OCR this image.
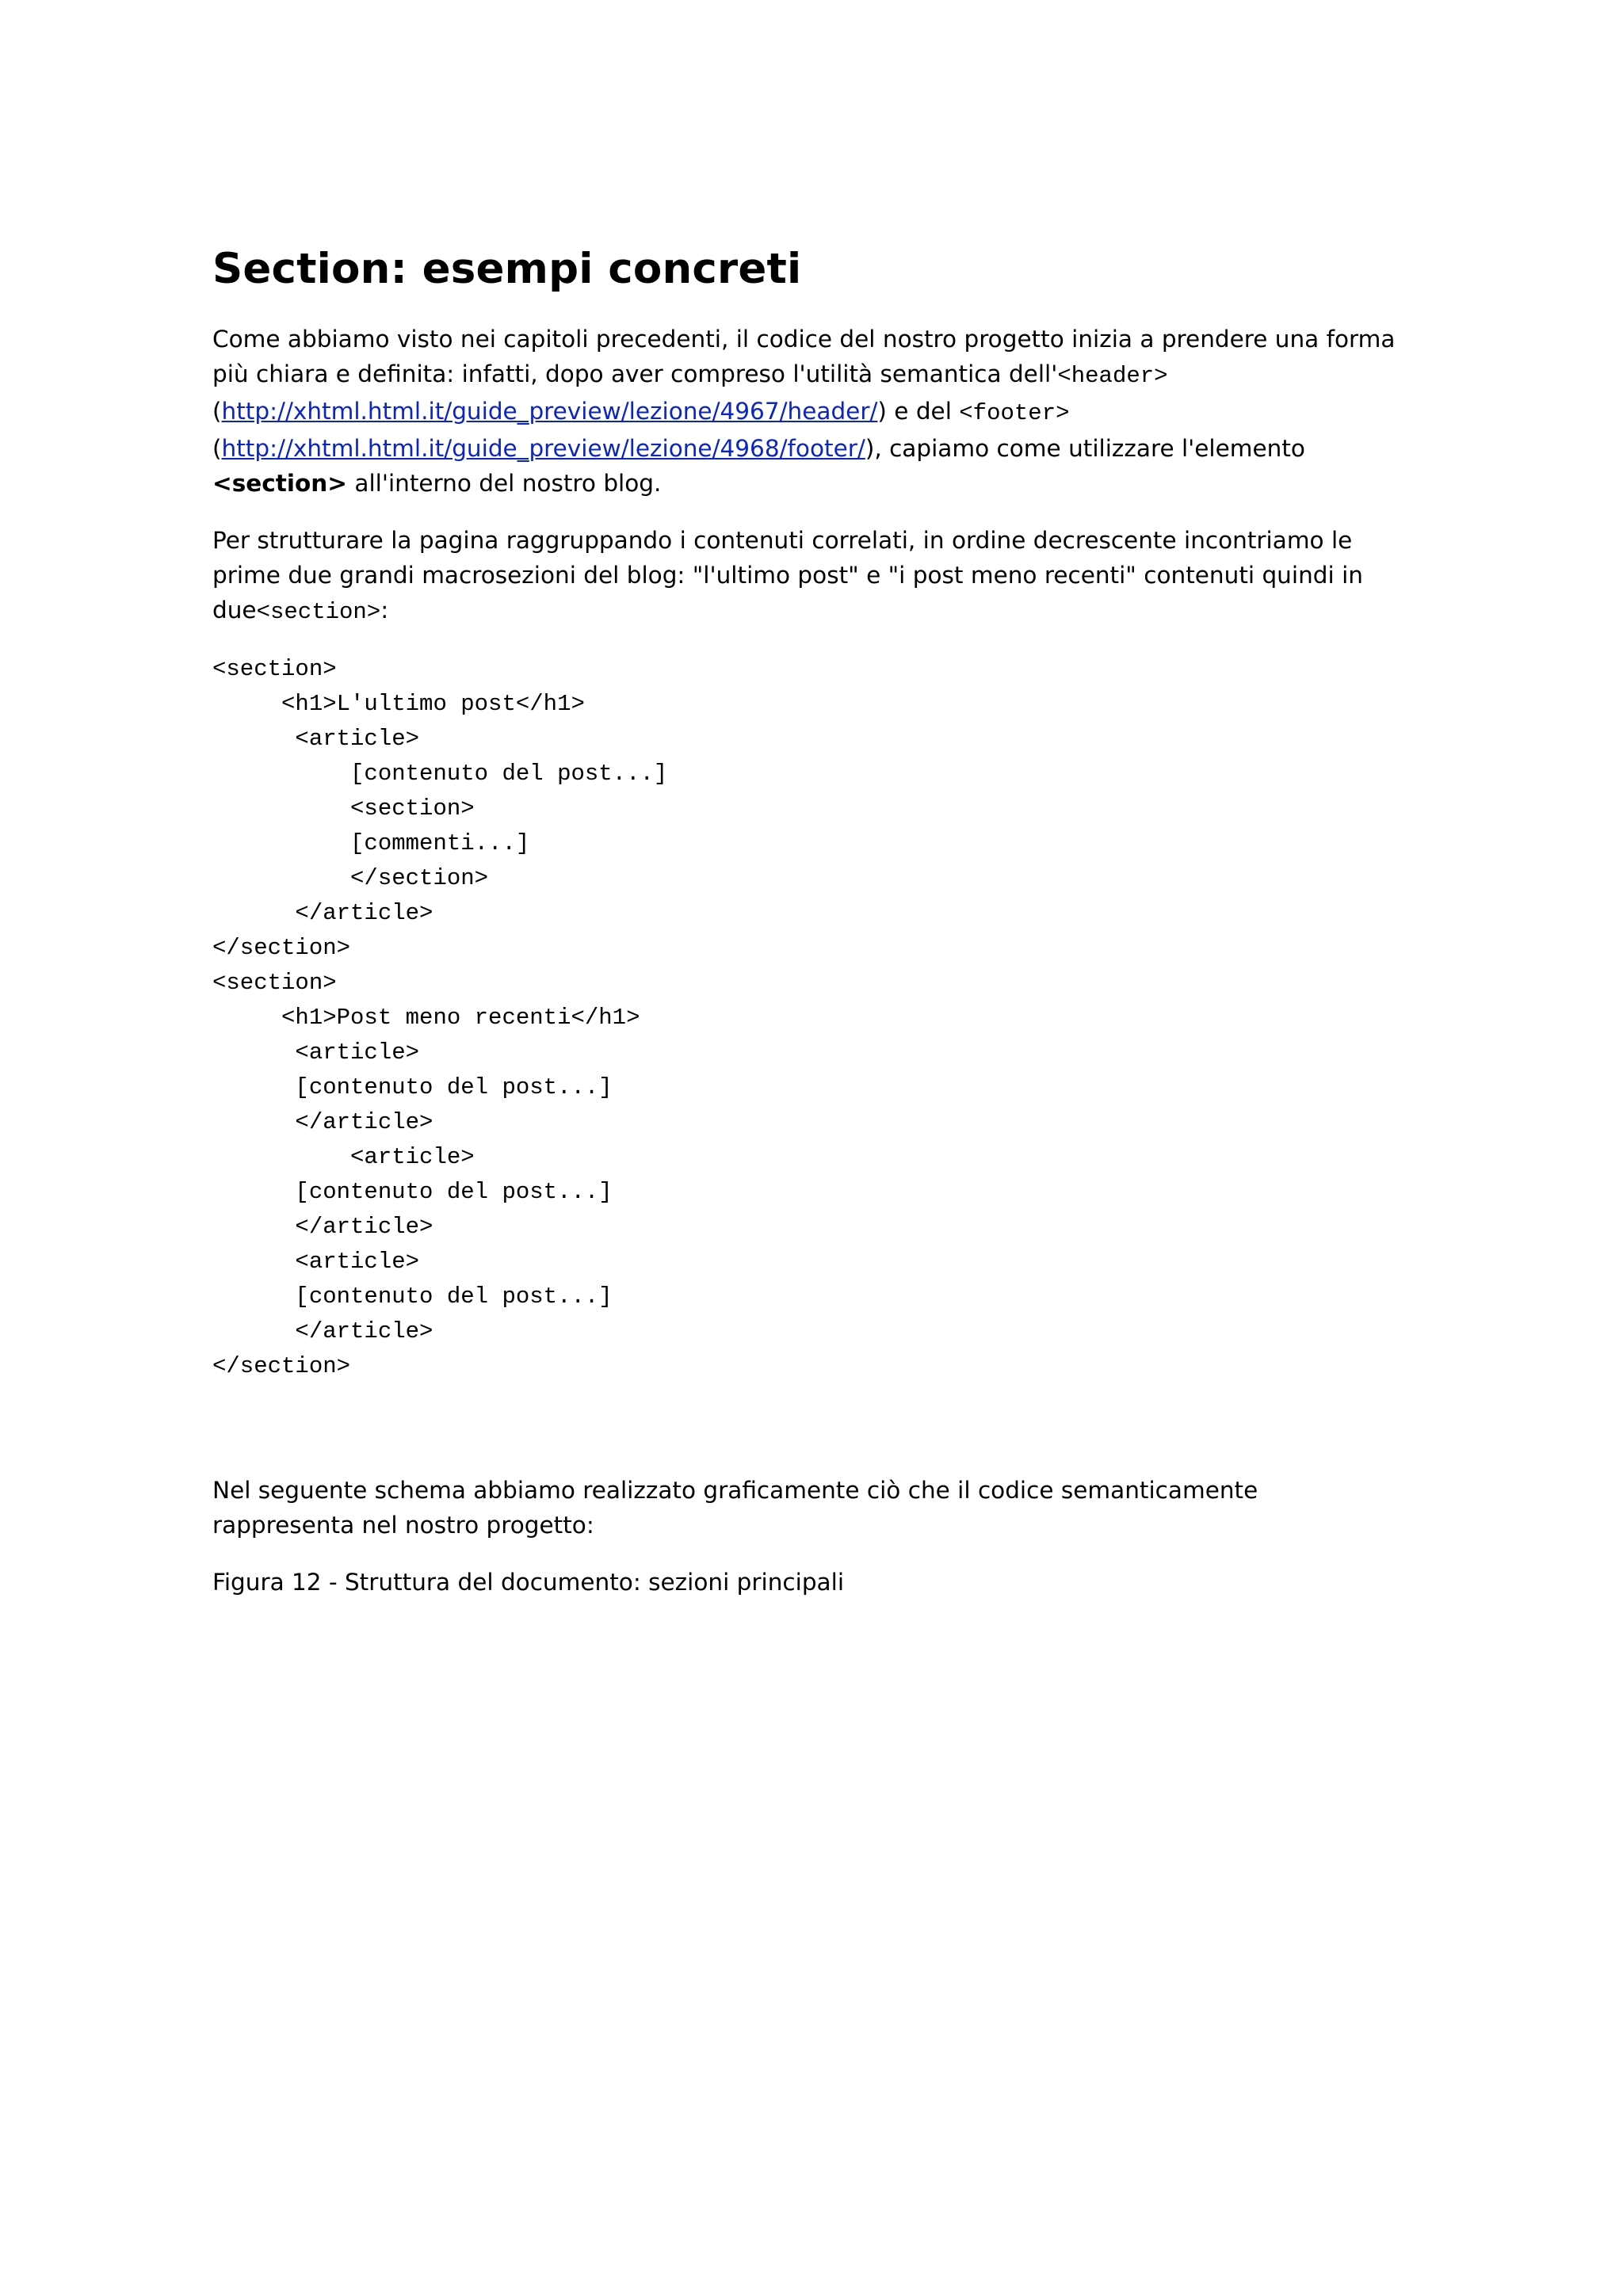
Section: esempi concreti

Come abbiamo visto nei capitoli precedenti, il codice del nostro progetto inizia a prendere una forma più chiara e definita: infatti, dopo aver compreso l'utilità semantica dell'<header>(http://xhtml.html.it/guide_preview/lezione/4967/header/) e del <footer>
(http://xhtml.html.it/guide_preview/lezione/4968/footer/), capiamo come utilizzare l'elemento <section> all'interno del nostro blog.

Per strutturare la pagina raggruppando i contenuti correlati, in ordine decrescente incontriamo le prime due grandi macrosezioni del blog: "l'ultimo post" e "i post meno recenti" contenuti quindi in due<section>:

<section>
<h1>L'ultimo post</h1>
<article>
[contenuto del post...]
<section>
[commenti...]
</section>
</article>
</section>
<section>
<h1>Post meno recenti</h1>
<article>
[contenuto del post...]
</article>
<article>
[contenuto del post...]
</article>
<article>
[contenuto del post...]
</article>
</section>

Nel seguente schema abbiamo realizzato graficamente ciò che il codice semanticamente rappresenta nel nostro progetto:

Figura 12 - Struttura del documento: sezioni principali
